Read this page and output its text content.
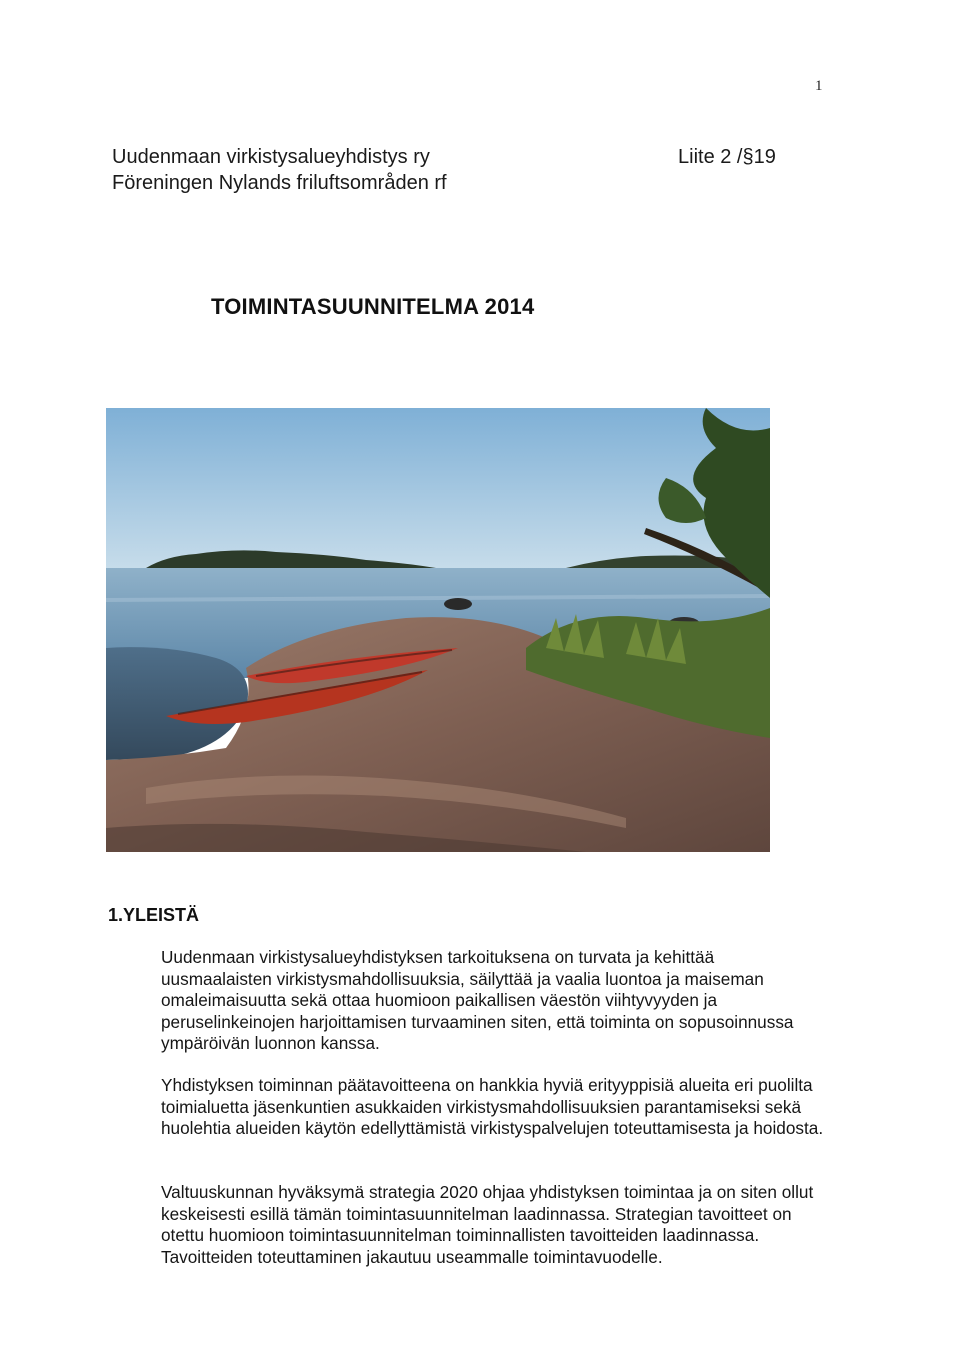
1
Uudenmaan virkistysalueyhdistys ry
Föreningen Nylands friluftsområden rf
Liite 2 /§19
TOIMINTASUUNNITELMA 2014
1.YLEISTÄ

Uudenmaan virkistysalueyhdistyksen tarkoituksena on turvata ja kehittää uusmaalaisten virkistysmahdollisuuksia, säilyttää ja vaalia luontoa ja maiseman omaleimaisuutta sekä ottaa huomioon paikallisen väestön viihtyvyyden ja peruselinkeinojen harjoittamisen turvaaminen siten, että toiminta on sopusoinnussa ympäröivän luonnon kanssa.

Yhdistyksen toiminnan päätavoitteena on hankkia hyviä erityyppisiä alueita eri puolilta toimialuetta jäsenkuntien asukkaiden virkistysmahdollisuuksien parantamiseksi sekä huolehtia alueiden käytön edellyttämistä virkistyspalvelujen toteuttamisesta ja hoidosta.

Valtuuskunnan hyväksymä strategia 2020 ohjaa yhdistyksen toimintaa ja on siten ollut keskeisesti esillä tämän toimintasuunnitelman laadinnassa. Strategian tavoitteet on otettu huomioon toimintasuunnitelman toiminnallisten tavoitteiden laadinnassa. Tavoitteiden toteuttaminen jakautuu useammalle toimintavuodelle.
